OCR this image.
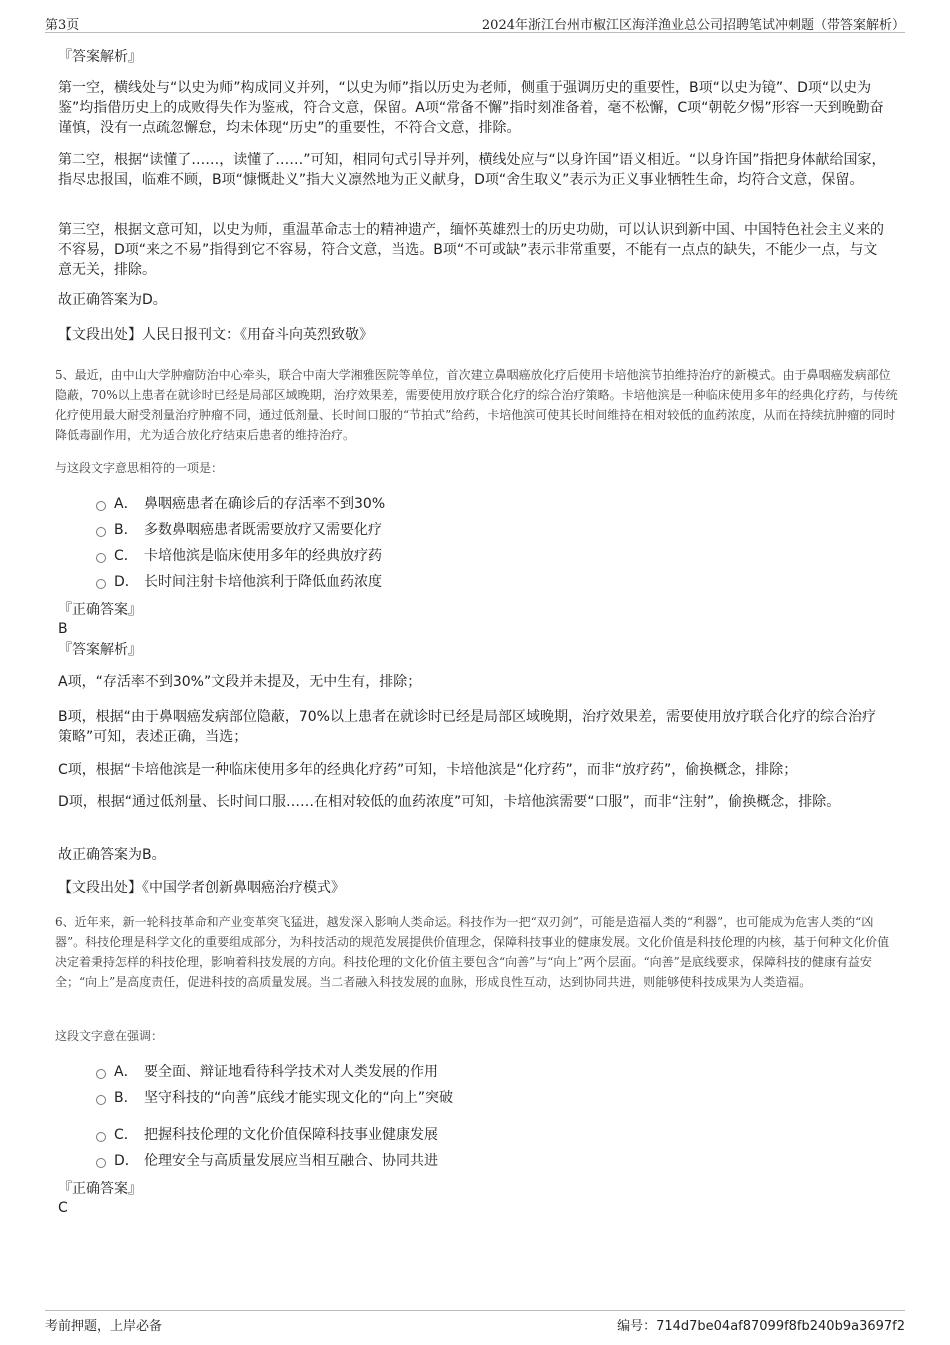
第3页	2024年浙江台州市椒江区海洋渔业总公司招聘笔试冲刺题（带答案解析）

『答案解析』

第一空，横线处与“以史为师”构成同义并列，“以史为师”指以历史为老师，侧重于强调历史的重要性，B项“以史为镜”、D项“以史为鉴”均指借历史上的成败得失作为鉴戒，符合文意，保留。A项“常备不懈”指时刻准备着，毫不松懈，C项“朝乾夕惕”形容一天到晚勤奋谨慎，没有一点疏忽懈怠，均未体现“历史”的重要性，不符合文意，排除。

第二空，根据“读懂了……，读懂了……”可知，相同句式引导并列，横线处应与“以身许国”语义相近。“以身许国”指把身体献给国家，指尽忠报国，临难不顾，B项“慷慨赴义”指大义凛然地为正义献身，D项“舍生取义”表示为正义事业牺牲生命，均符合文意，保留。

第三空，根据文意可知，以史为师，重温革命志士的精神遗产，缅怀英雄烈士的历史功勋，可以认识到新中国、中国特色社会主义来的不容易，D项“来之不易”指得到它不容易，符合文意，当选。B项“不可或缺”表示非常重要，不能有一点点的缺失，不能少一点，与文意无关，排除。

故正确答案为D。

【文段出处】人民日报刊文：《用奋斗向英烈致敬》

5、最近，由中山大学肿瘤防治中心牵头，联合中南大学湘雅医院等单位，首次建立鼻咽癌放化疗后使用卡培他滨节拍维持治疗的新模式。由于鼻咽癌发病部位隐蔽，70%以上患者在就诊时已经是局部区域晚期，治疗效果差，需要使用放疗联合化疗的综合治疗策略。卡培他滨是一种临床使用多年的经典化疗药，与传统化疗使用最大耐受剂量治疗肿瘤不同，通过低剂量、长时间口服的“节拍式”给药，卡培他滨可使其长时间维持在相对较低的血药浓度，从而在持续抗肿瘤的同时降低毒副作用，尤为适合放化疗结束后患者的维持治疗。

与这段文字意思相符的一项是：

A． 鼻咽癌患者在确诊后的存活率不到30%
B． 多数鼻咽癌患者既需要放疗又需要化疗
C． 卡培他滨是临床使用多年的经典放疗药
D． 长时间注射卡培他滨利于降低血药浓度

『正确答案』

B

『答案解析』

A项，“存活率不到30%”文段并未提及，无中生有，排除；

B项，根据“由于鼻咽癌发病部位隐蔽，70%以上患者在就诊时已经是局部区域晚期，治疗效果差，需要使用放疗联合化疗的综合治疗策略”可知，表述正确，当选；

C项，根据“卡培他滨是一种临床使用多年的经典化疗药”可知，卡培他滨是“化疗药”，而非“放疗药”，偷换概念，排除；

D项，根据“通过低剂量、长时间口服……在相对较低的血药浓度”可知，卡培他滨需要“口服”，而非“注射”，偷换概念，排除。

故正确答案为B。

【文段出处】《中国学者创新鼻咽癌治疗模式》

6、近年来，新一轮科技革命和产业变革突飞猛进，越发深入影响人类命运。科技作为一把“双刃剑”，可能是造福人类的“利器”，也可能成为危害人类的“凶器”。科技伦理是科学文化的重要组成部分，为科技活动的规范发展提供价值理念，保障科技事业的健康发展。文化价值是科技伦理的内核，基于何种文化价值决定着秉持怎样的科技伦理，影响着科技发展的方向。科技伦理的文化价值主要包含“向善”与“向上”两个层面。“向善”是底线要求，保障科技的健康有益安全；“向上”是高度责任，促进科技的高质量发展。当二者融入科技发展的血脉，形成良性互动，达到协同共进，则能够使科技成果为人类造福。

这段文字意在强调：

A． 要全面、辩证地看待科学技术对人类发展的作用
B． 坚守科技的“向善”底线才能实现文化的“向上”突破
C． 把握科技伦理的文化价值保障科技事业健康发展
D． 伦理安全与高质量发展应当相互融合、协同共进

『正确答案』

C

考前押题，上岸必备	编号：714d7be04af87099f8fb240b9a3697f2
